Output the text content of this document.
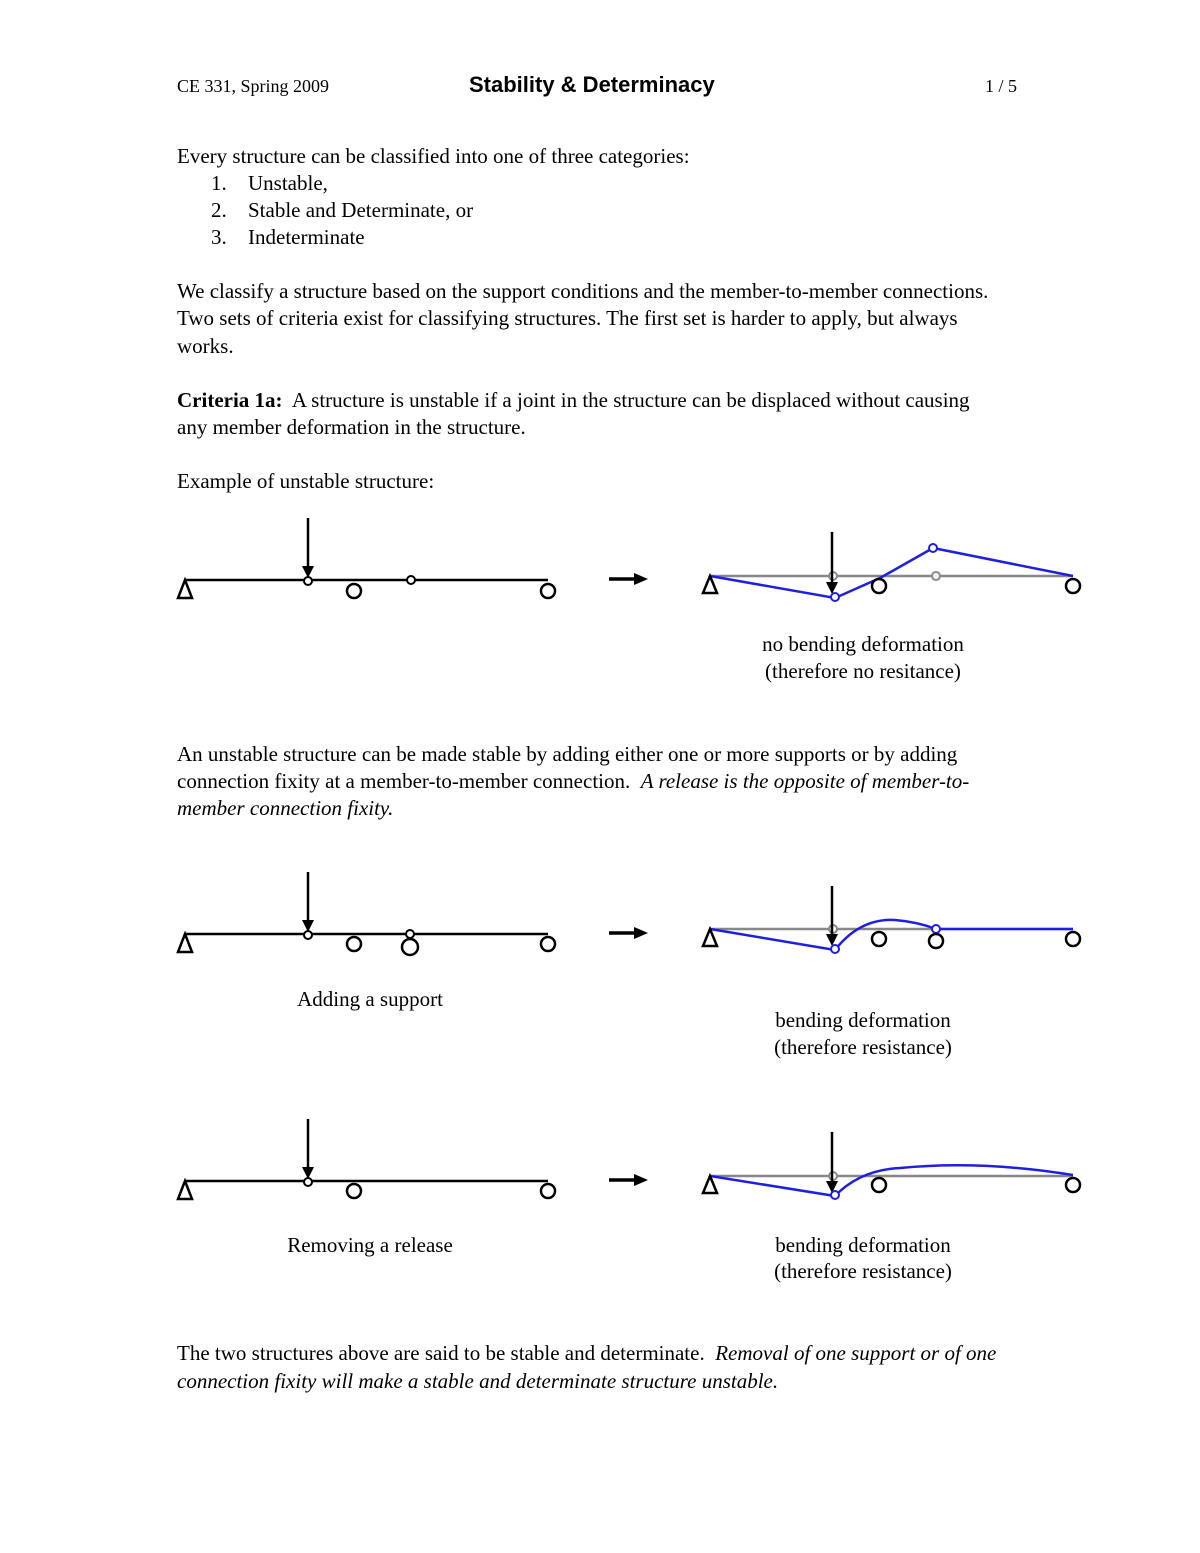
CE 331, Spring 2009	Stability & Determinacy	1 / 5
Every structure can be classified into one of three categories:
1. Unstable,
2. Stable and Determinate, or
3. Indeterminate
We classify a structure based on the support conditions and the member-to-member connections.
Two sets of criteria exist for classifying structures. The first set is harder to apply, but always
works.
Criteria 1a: A structure is unstable if a joint in the structure can be displaced without causing
any member deformation in the structure.
Example of unstable structure:
no bending deformation
(therefore no resitance)
An unstable structure can be made stable by adding either one or more supports or by adding
connection fixity at a member-to-member connection. A release is the opposite of member-to-
member connection fixity.
Adding a support
bending deformation
(therefore resistance)
Removing a release	bending deformation
(therefore resistance)
The two structures above are said to be stable and determinate. Removal of one support or of one
connection fixity will make a stable and determinate structure unstable.
